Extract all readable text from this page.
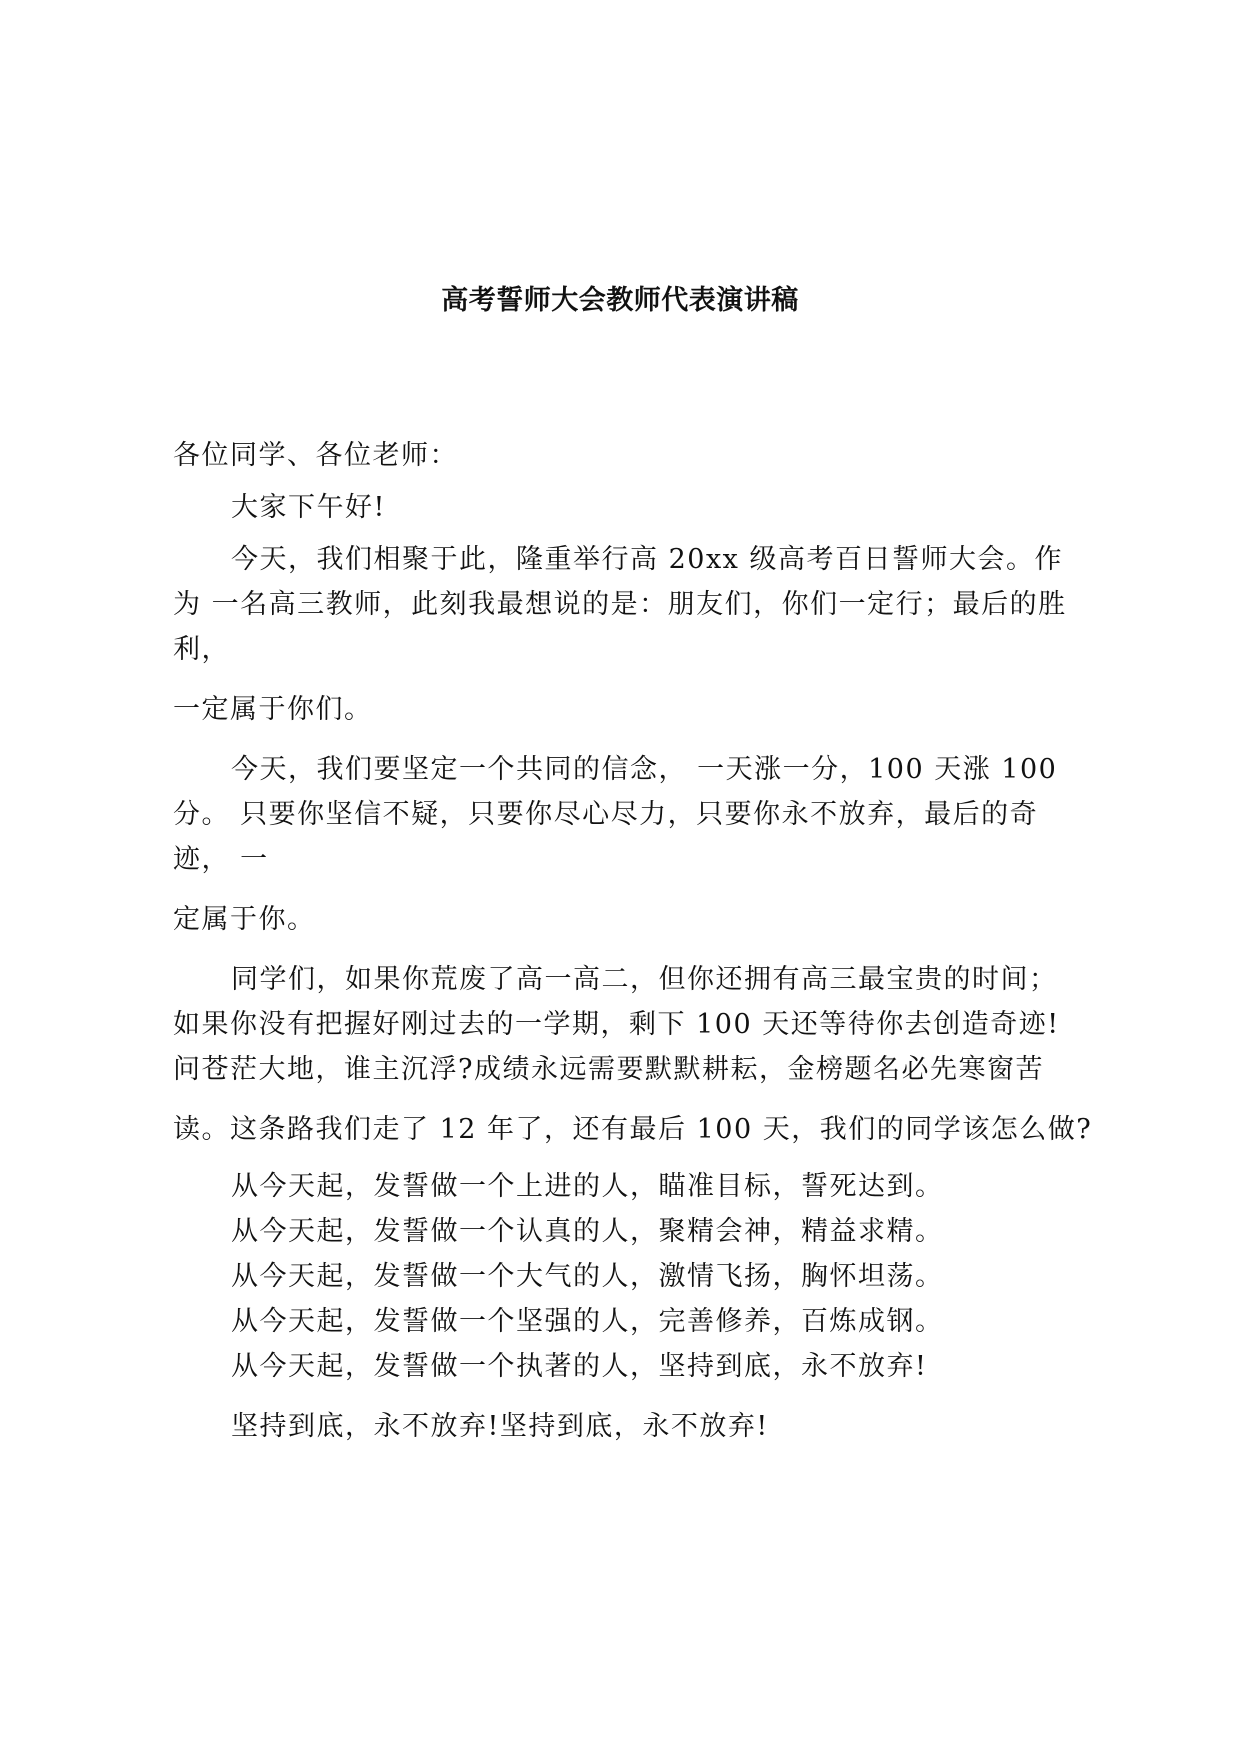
高考誓师大会教师代表演讲稿
各位同学、各位老师：
大家下午好!
今天，我们相聚于此，隆重举行高 20xx 级高考百日誓师大会。作
为 一名高三教师，此刻我最想说的是：朋友们，你们一定行；最后的胜
利，
一定属于你们。
今天，我们要坚定一个共同的信念， 一天涨一分，100 天涨 100
分。 只要你坚信不疑，只要你尽心尽力，只要你永不放弃，最后的奇
迹， 一
定属于你。
同学们，如果你荒废了高一高二，但你还拥有高三最宝贵的时间；
如果你没有把握好刚过去的一学期，剩下 100 天还等待你去创造奇迹!
问苍茫大地，谁主沉浮?成绩永远需要默默耕耘，金榜题名必先寒窗苦
读。这条路我们走了 12 年了，还有最后 100 天，我们的同学该怎么做?
从今天起，发誓做一个上进的人，瞄准目标，誓死达到。
从今天起，发誓做一个认真的人，聚精会神，精益求精。
从今天起，发誓做一个大气的人，激情飞扬，胸怀坦荡。
从今天起，发誓做一个坚强的人，完善修养，百炼成钢。
从今天起，发誓做一个执著的人，坚持到底，永不放弃!
坚持到底，永不放弃!坚持到底，永不放弃!
